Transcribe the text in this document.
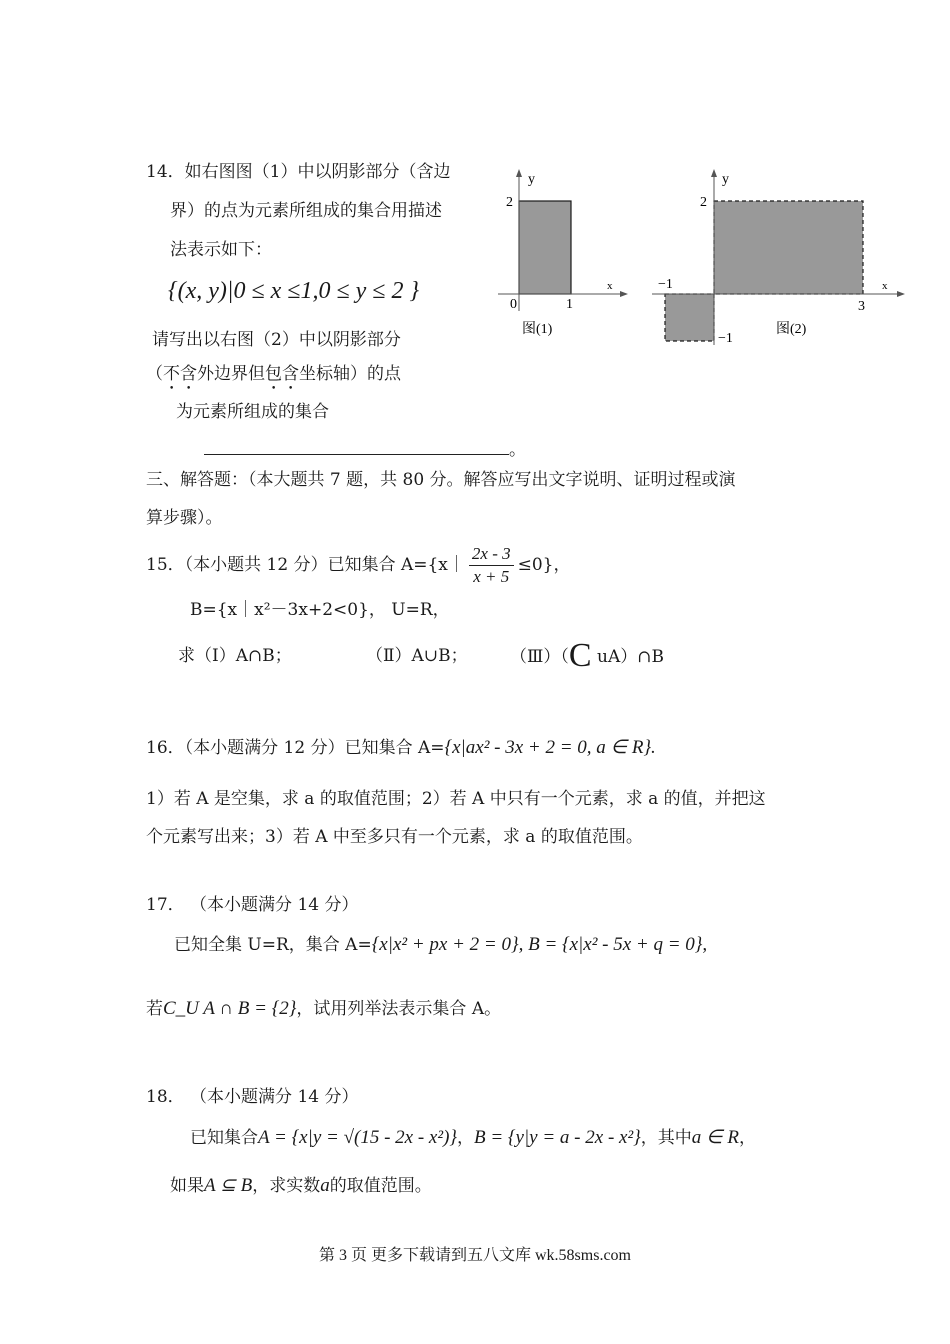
14．如右图图（1）中以阴影部分（含边
界）的点为元素所组成的集合用描述
法表示如下：
{(x, y)|0 ≤ x ≤1,0 ≤ y ≤ 2 }
请写出以右图（2）中以阴影部分
（不含外边界但包含坐标轴）的点
为元素所组成的集合
。
y
x
2
0	1
图(1)
y
x
2
−1
−1
3
图(2)
三、解答题：（本大题共 7 题，共 80 分。解答应写出文字说明、证明过程或演
算步骤）。
15．（本小题共 12 分）已知集合 A={x｜ $\frac{2x - 3}{x + 5} \le 0$}，
B={x｜x²－3x+2<0}， U=R，
求（Ⅰ）A∩B；	（Ⅱ）A∪B； （Ⅲ）（C uA）∩B
16．（本小题满分 12 分）已知集合 A={x|ax² - 3x + 2 = 0, a ∈ R}.
1）若 A 是空集，求 a 的取值范围；2）若 A 中只有一个元素，求 a 的值，并把这
个元素写出来；3）若 A 中至多只有一个元素，求 a 的取值范围。
17． （本小题满分 14 分）
已知全集 U=R，集合 A={x|x² + px + 2 = 0}, B = {x|x² - 5x + q = 0},
若C_U A ∩ B = {2}，试用列举法表示集合 A。
18． （本小题满分 14 分）
已知集合A = {x|y = √(15 - 2x - x²)}，B = {y|y = a - 2x - x²}，其中a ∈ R，
如果A ⊆ B，求实数a的取值范围。
第 3 页 更多下载请到五八文库 wk.58sms.com
